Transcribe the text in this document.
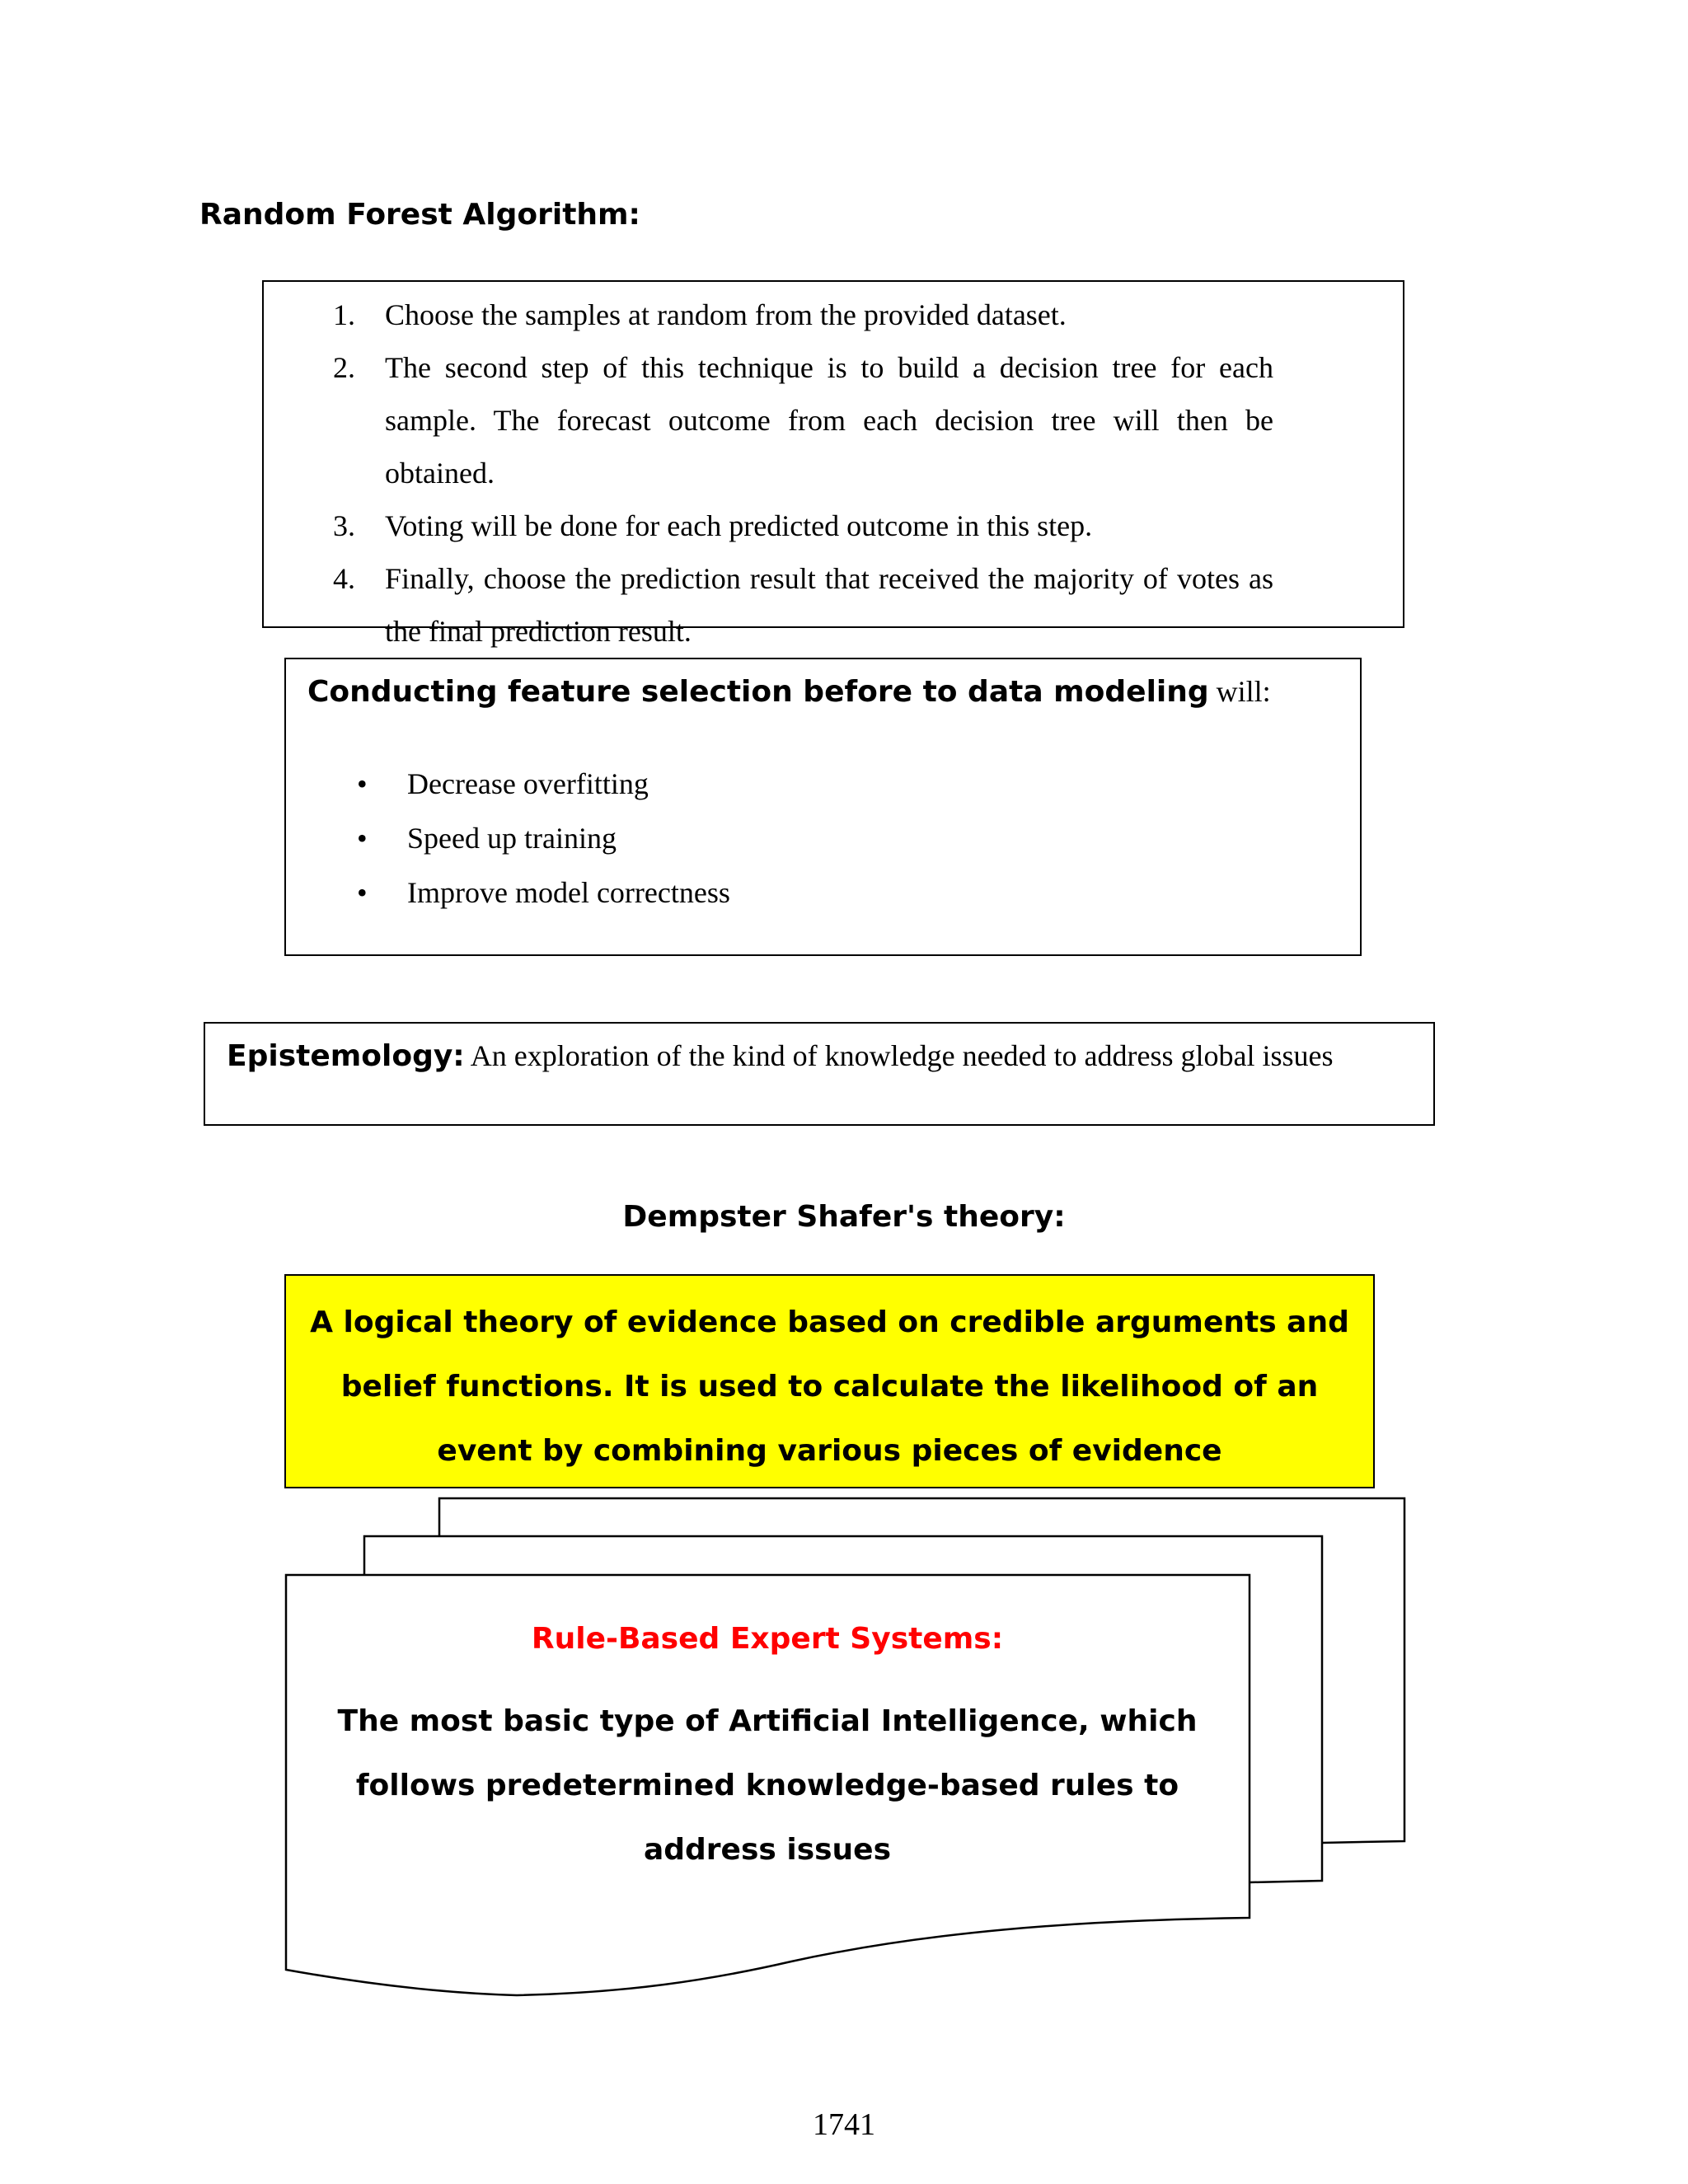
Random Forest Algorithm:
1. Choose the samples at random from the provided dataset.
2. The second step of this technique is to build a decision tree for each sample. The forecast outcome from each decision tree will then be obtained.
3. Voting will be done for each predicted outcome in this step.
4. Finally, choose the prediction result that received the majority of votes as the final prediction result.
Conducting feature selection before to data modeling will:
• Decrease overfitting
• Speed up training
• Improve model correctness
Epistemology: An exploration of the kind of knowledge needed to address global issues
Dempster Shafer's theory:
A logical theory of evidence based on credible arguments and belief functions. It is used to calculate the likelihood of an event by combining various pieces of evidence
Rule-Based Expert Systems:
The most basic type of Artificial Intelligence, which follows predetermined knowledge-based rules to address issues
1741
